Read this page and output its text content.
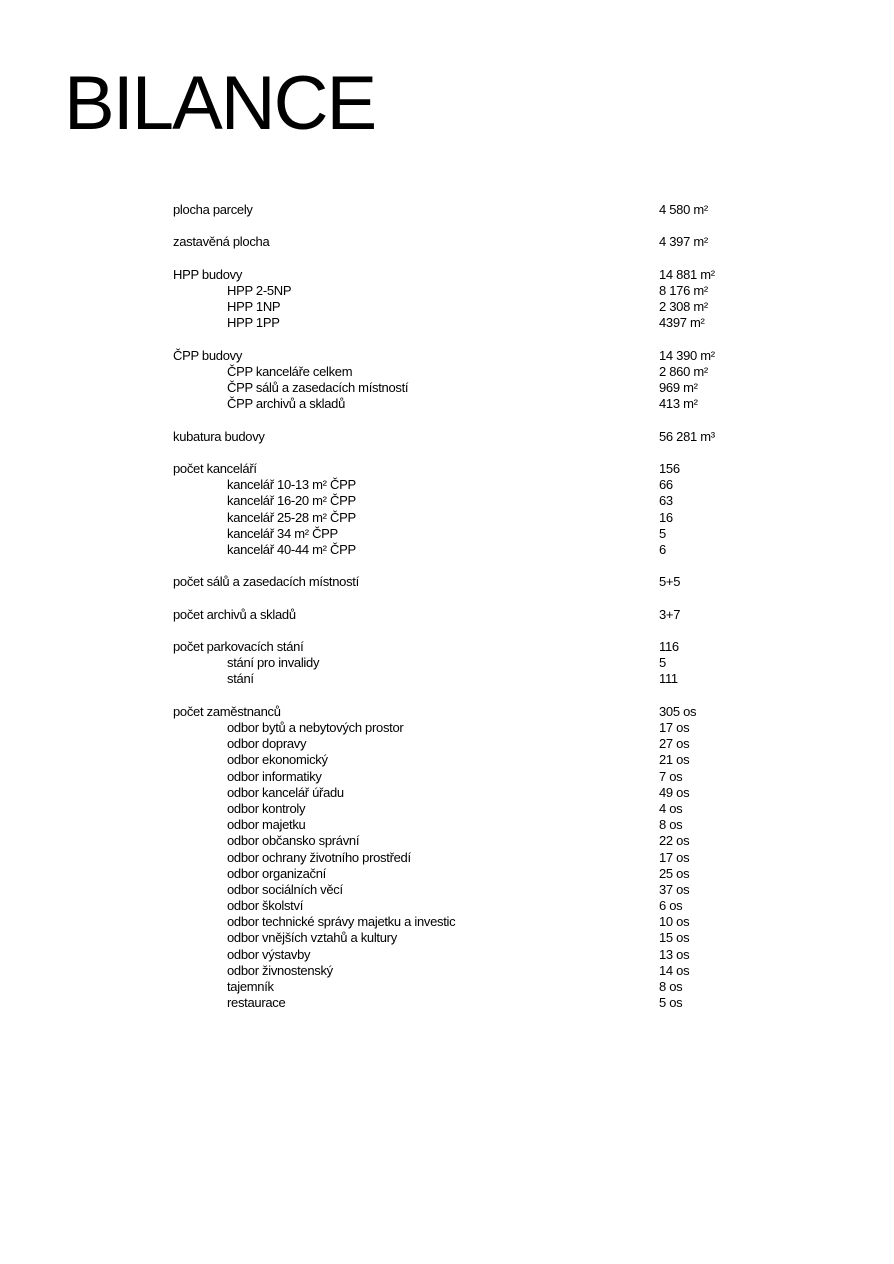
BILANCE
plocha parcely	4 580 m²
zastavěná plocha	4 397 m²
HPP budovy	14 881 m²
HPP 2-5NP	8 176 m²
HPP 1NP	2 308 m²
HPP 1PP	4397 m²
ČPP budovy	14 390 m²
ČPP kanceláře celkem	2 860 m²
ČPP sálů a zasedacích místností	969 m²
ČPP archivů a skladů	413 m²
kubatura budovy	56 281 m³
počet kanceláří	156
kancelář 10-13 m² ČPP	66
kancelář 16-20 m² ČPP	63
kancelář 25-28 m² ČPP	16
kancelář 34 m² ČPP	5
kancelář 40-44 m² ČPP	6
počet sálů a zasedacích místností	5+5
počet archivů a skladů	3+7
počet parkovacích stání	116
stání pro invalidy	5
stání	111
počet zaměstnanců	305 os
odbor bytů a nebytových prostor	17 os
odbor dopravy	27 os
odbor ekonomický	21 os
odbor informatiky	7 os
odbor kancelář úřadu	49 os
odbor kontroly	4 os
odbor majetku	8 os
odbor občansko správní	22 os
odbor ochrany životního prostředí	17 os
odbor organizační	25 os
odbor sociálních věcí	37 os
odbor školství	6 os
odbor technické správy majetku a investic	10 os
odbor vnějších vztahů a kultury	15 os
odbor výstavby	13 os
odbor živnostenský	14 os
tajemník	8 os
restaurace	5 os
